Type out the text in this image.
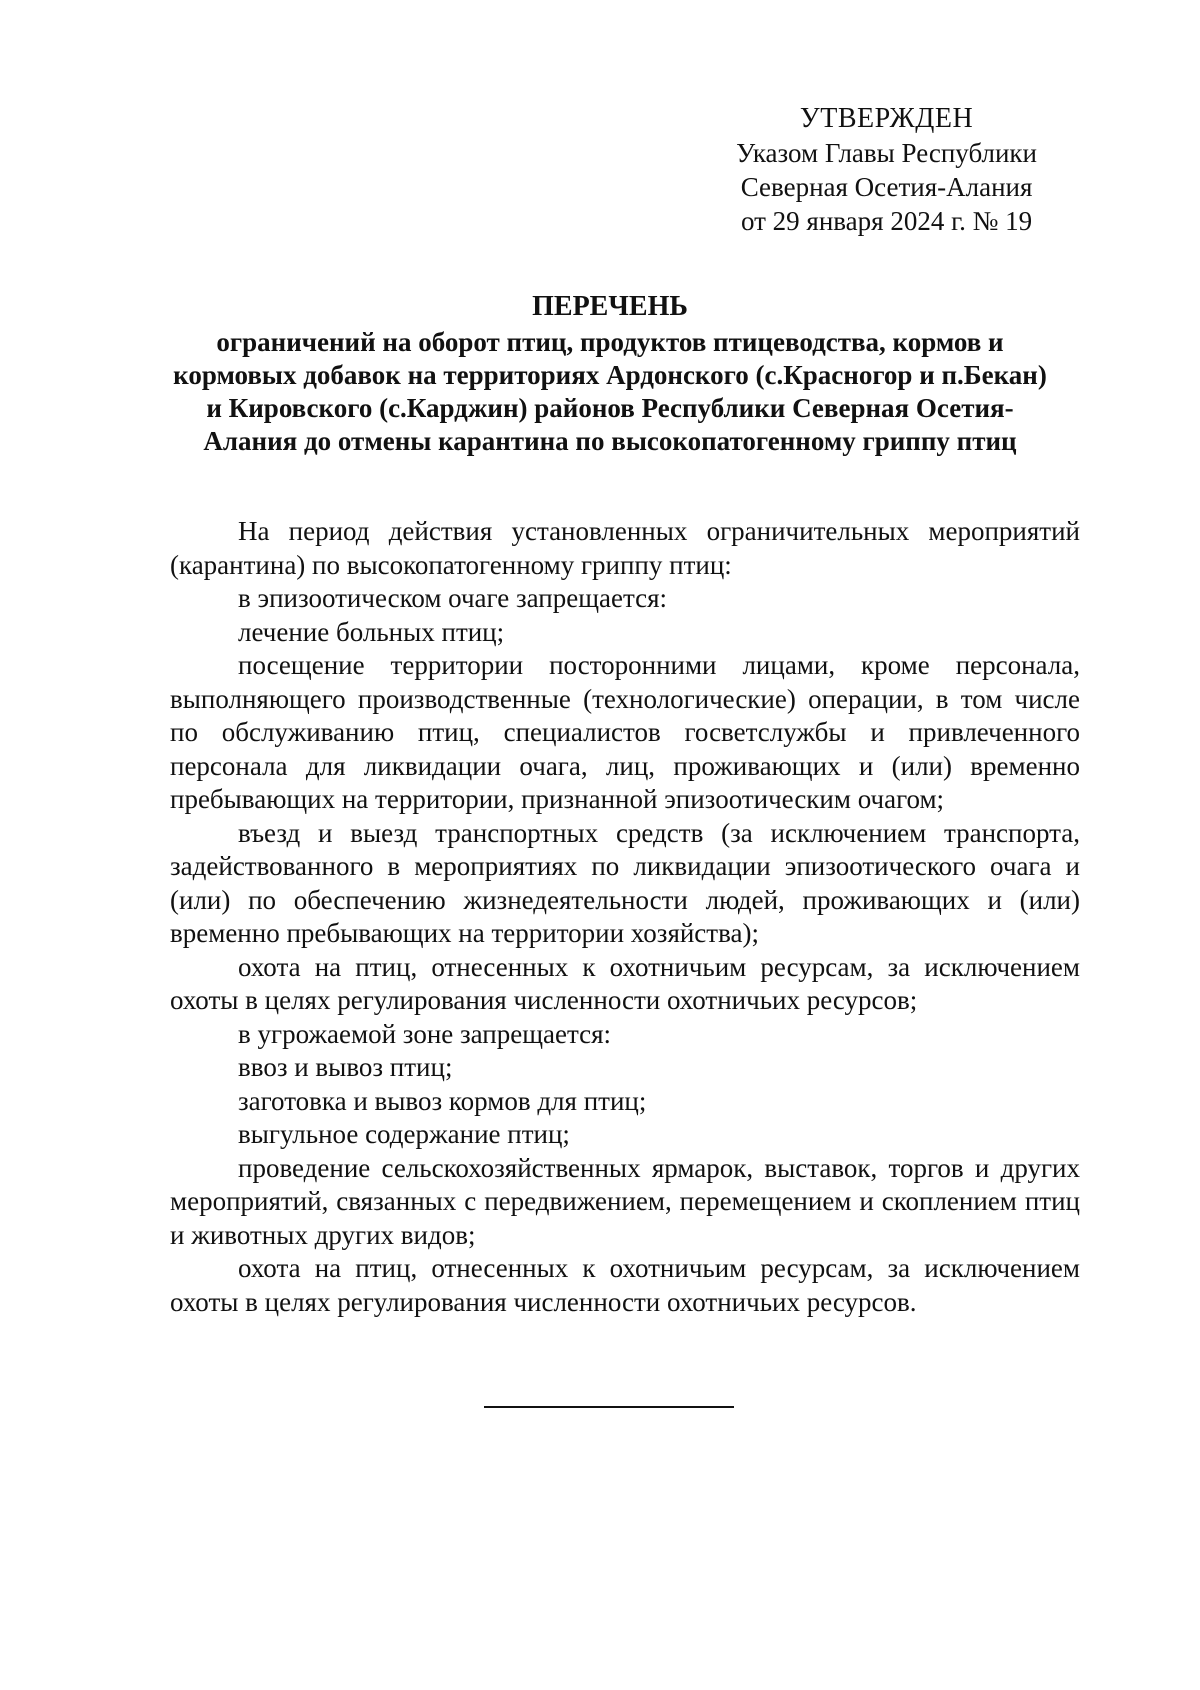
УТВЕРЖДЕН
Указом Главы Республики
Северная Осетия-Алания
от 29 января 2024 г. № 19
ПЕРЕЧЕНЬ
ограничений на оборот птиц, продуктов птицеводства, кормов и кормовых добавок на территориях Ардонского (с.Красногор и п.Бекан) и Кировского (с.Карджин) районов Республики Северная Осетия-Алания до отмены карантина по высокопатогенному гриппу птиц

На период действия установленных ограничительных мероприятий (карантина) по высокопатогенному гриппу птиц:

в эпизоотическом очаге запрещается:

лечение больных птиц;

посещение территории посторонними лицами, кроме персонала, выполняющего производственные (технологические) операции, в том числе по обслуживанию птиц, специалистов госветслужбы и привлеченного персонала для ликвидации очага, лиц, проживающих и (или) временно пребывающих на территории, признанной эпизоотическим очагом;

въезд и выезд транспортных средств (за исключением транспорта, задействованного в мероприятиях по ликвидации эпизоотического очага и (или) по обеспечению жизнедеятельности людей, проживающих и (или) временно пребывающих на территории хозяйства);

охота на птиц, отнесенных к охотничьим ресурсам, за исключением охоты в целях регулирования численности охотничьих ресурсов;

в угрожаемой зоне запрещается:

ввоз и вывоз птиц;

заготовка и вывоз кормов для птиц;

выгульное содержание птиц;

проведение сельскохозяйственных ярмарок, выставок, торгов и других мероприятий, связанных с передвижением, перемещением и скоплением птиц и животных других видов;

охота на птиц, отнесенных к охотничьим ресурсам, за исключением охоты в целях регулирования численности охотничьих ресурсов.
